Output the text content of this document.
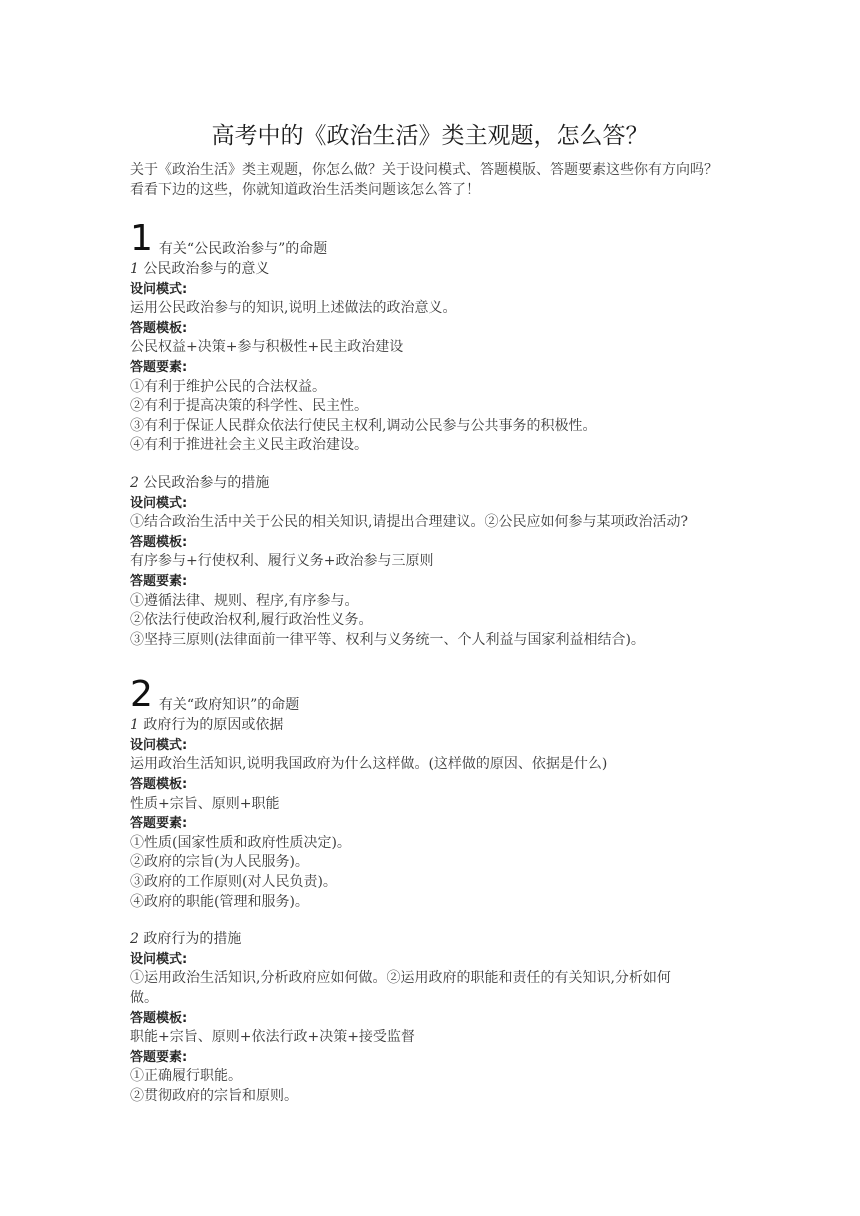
高考中的《政治生活》类主观题，怎么答？
关于《政治生活》类主观题，你怎么做？关于设问模式、答题模版、答题要素这些你有方向吗？看看下边的这些，你就知道政治生活类问题该怎么答了！
1 有关“公民政治参与”的命题
1 公民政治参与的意义
设问模式:
运用公民政治参与的知识,说明上述做法的政治意义。
答题模板:
公民权益+决策+参与积极性+民主政治建设
答题要素:
①有利于维护公民的合法权益。
②有利于提高决策的科学性、民主性。
③有利于保证人民群众依法行使民主权利,调动公民参与公共事务的积极性。
④有利于推进社会主义民主政治建设。
2 公民政治参与的措施
设问模式:
①结合政治生活中关于公民的相关知识,请提出合理建议。②公民应如何参与某项政治活动?
答题模板:
有序参与+行使权利、履行义务+政治参与三原则
答题要素:
①遵循法律、规则、程序,有序参与。
②依法行使政治权利,履行政治性义务。
③坚持三原则(法律面前一律平等、权利与义务统一、个人利益与国家利益相结合)。
2 有关“政府知识”的命题
1 政府行为的原因或依据
设问模式:
运用政治生活知识,说明我国政府为什么这样做。(这样做的原因、依据是什么)
答题模板:
性质+宗旨、原则+职能
答题要素:
①性质(国家性质和政府性质决定)。
②政府的宗旨(为人民服务)。
③政府的工作原则(对人民负责)。
④政府的职能(管理和服务)。
2 政府行为的措施
设问模式:
①运用政治生活知识,分析政府应如何做。②运用政府的职能和责任的有关知识,分析如何
做。
答题模板:
职能+宗旨、原则+依法行政+决策+接受监督
答题要素:
①正确履行职能。
②贯彻政府的宗旨和原则。
